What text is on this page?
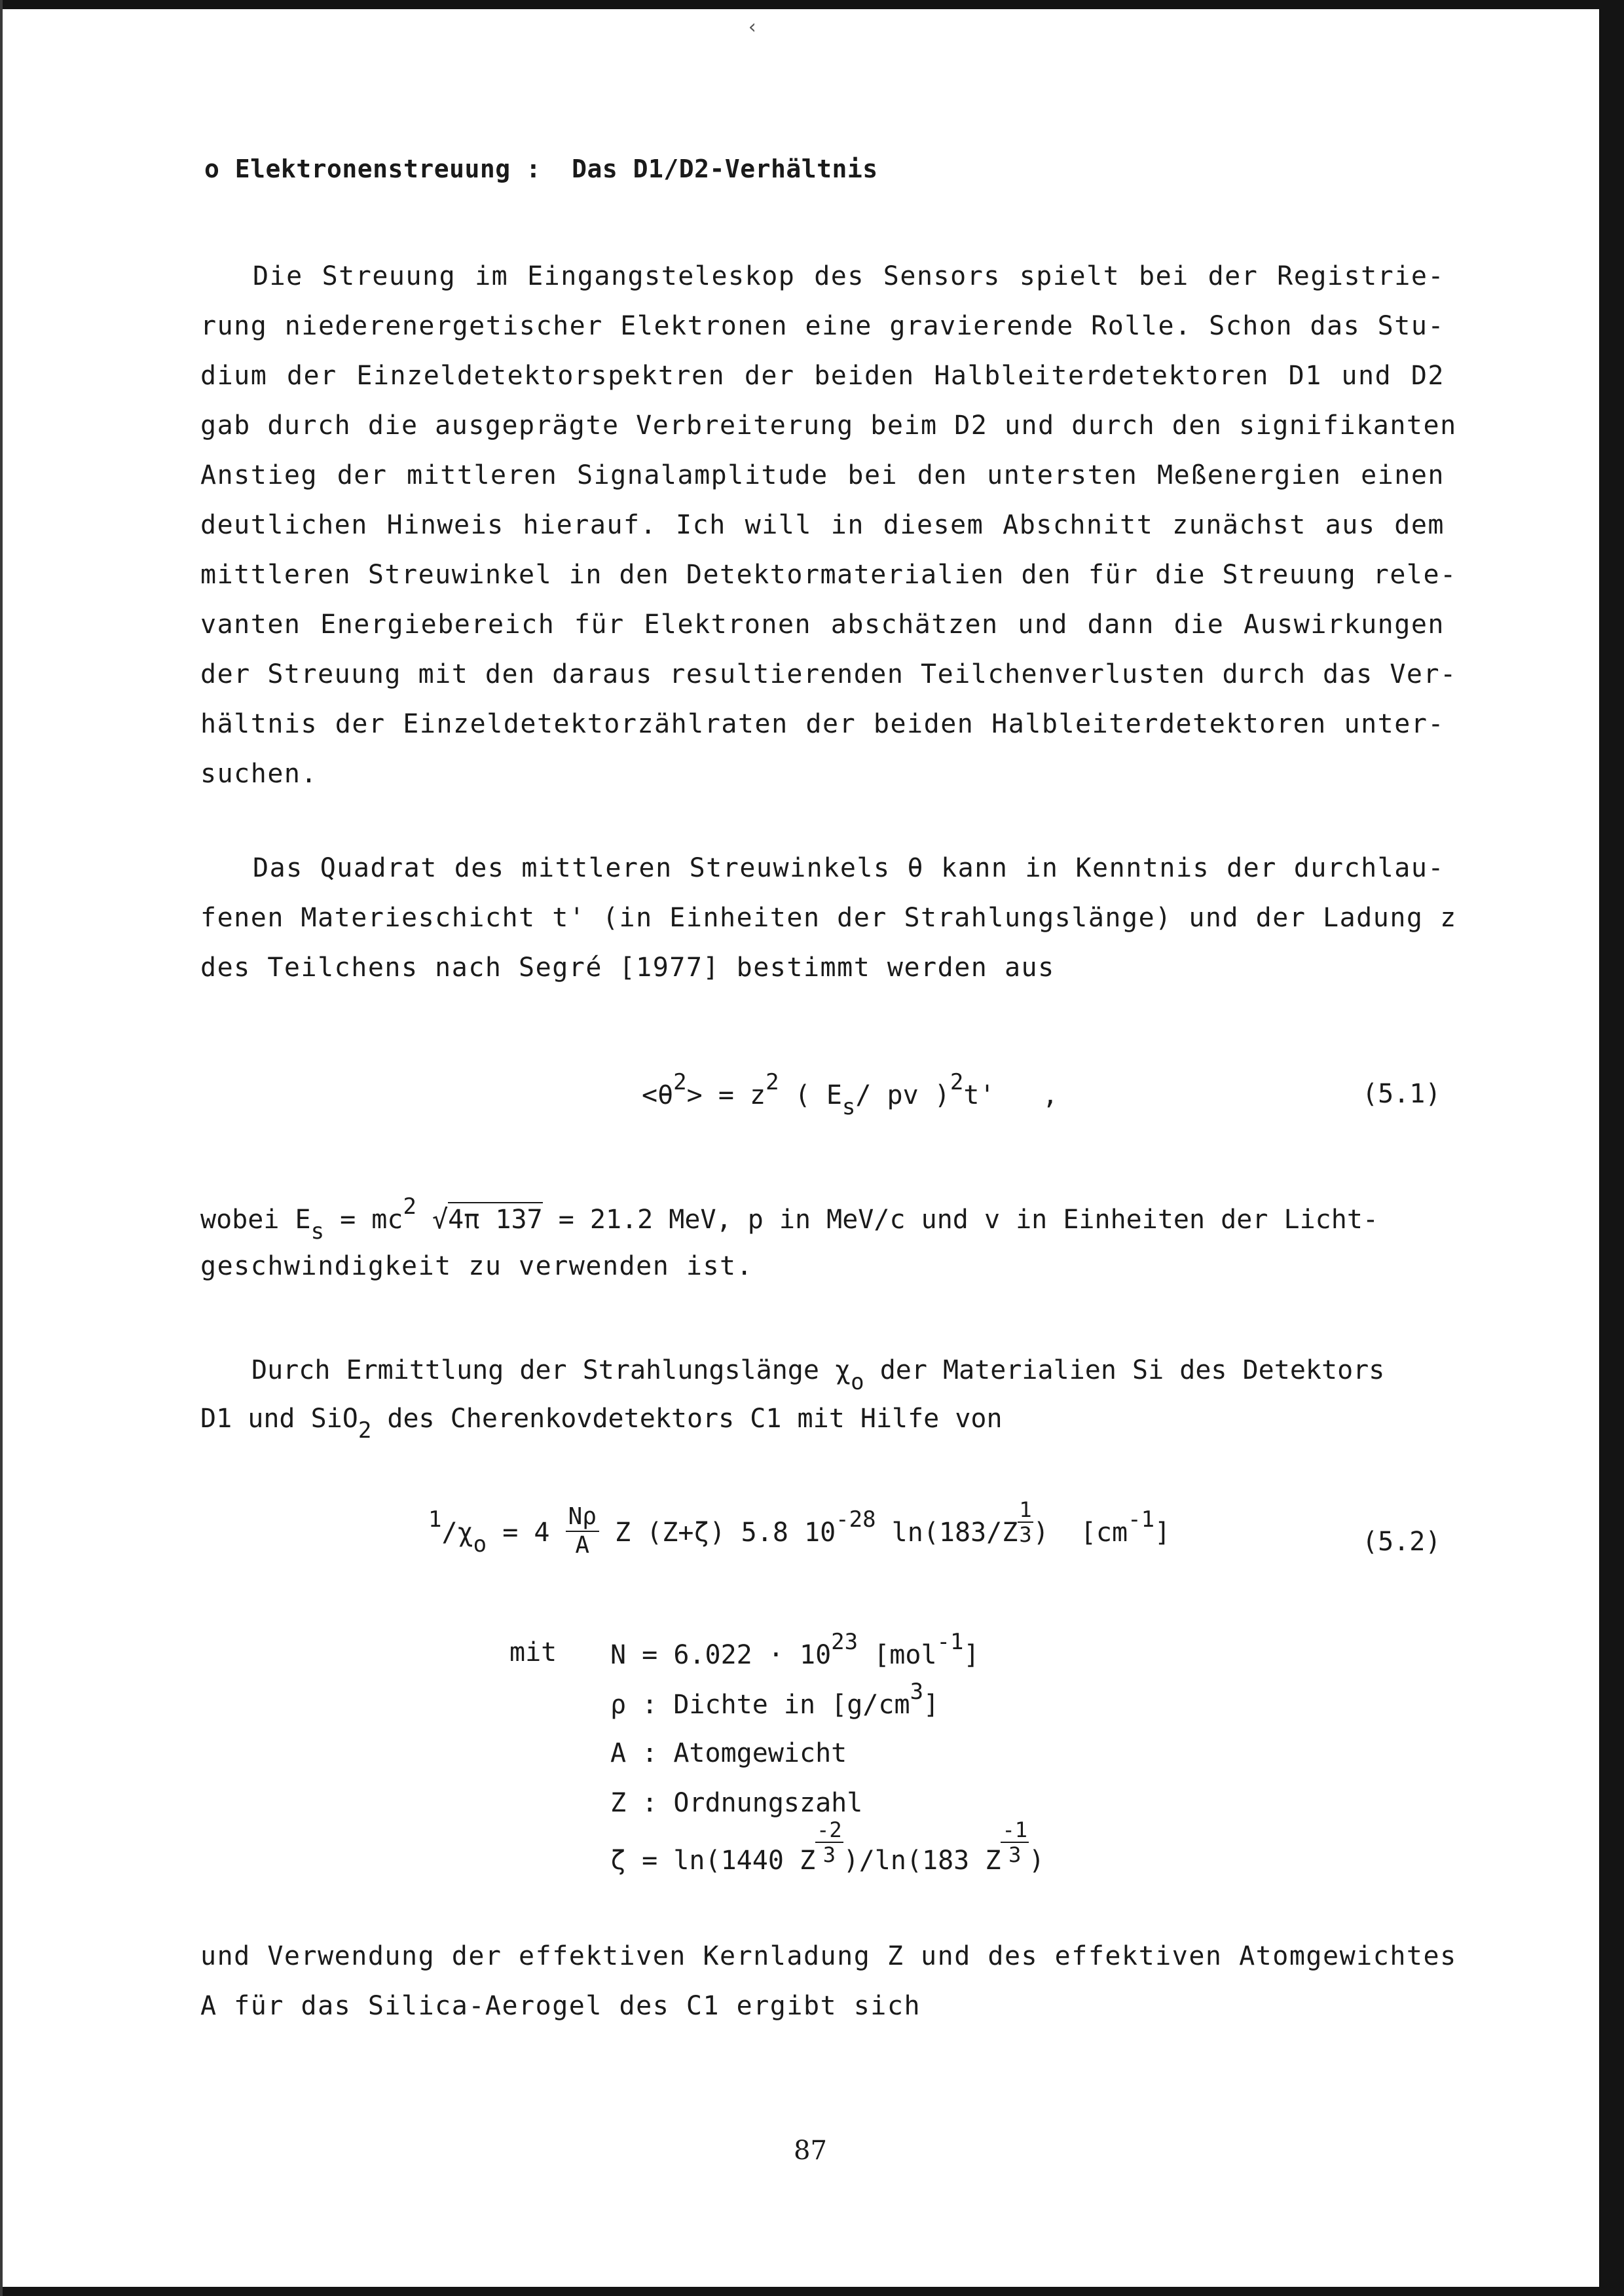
‹
o Elektronenstreuung :  Das D1/D2-Verhältnis
Die Streuung im Eingangsteleskop des Sensors spielt bei der Registrie-
rung niederenergetischer Elektronen eine gravierende Rolle. Schon das Stu-
dium der Einzeldetektorspektren der beiden Halbleiterdetektoren D1 und D2
gab durch die ausgeprägte Verbreiterung beim D2 und durch den signifikanten
Anstieg der mittleren Signalamplitude bei den untersten Meßenergien einen
deutlichen Hinweis hierauf. Ich will in diesem Abschnitt zunächst aus dem
mittleren Streuwinkel in den Detektormaterialien den für die Streuung rele-
vanten Energiebereich für Elektronen abschätzen und dann die Auswirkungen
der Streuung mit den daraus resultierenden Teilchenverlusten durch das Ver-
hältnis der Einzeldetektorzählraten der beiden Halbleiterdetektoren unter-
suchen.
Das Quadrat des mittleren Streuwinkels θ kann in Kenntnis der durchlau-
fenen Materieschicht t' (in Einheiten der Strahlungslänge) und der Ladung z
des Teilchens nach Segré [1977] bestimmt werden aus
$<\theta^2> = z^2$ ( $E_s/$ pv )$^2$t'   ,	(5.1)
wobei $E_s = mc^2$ √4π 137 = 21.2 MeV, p in MeV/c und v in Einheiten der Licht-
geschwindigkeit zu verwenden ist.
Durch Ermittlung der Strahlungslänge $\chi_o$ der Materialien Si des Detektors
D1 und SiO$_2$ des Cherenkovdetektors C1 mit Hilfe von
$^1/\chi_o = 4 \frac{N\rho}{A}$ Z (Z+ζ) 5.8 $10^{-28}$ $\ln(183/Z \frac{1}{3}$ )  $[cm^{-1}]$	(5.2)
mit $N = 6.022 \cdot 10^{23}$ [mol$^{-1}$]
ρ : Dichte in $[g/cm^3]$
A : Atomgewicht
Z : Ordnungszahl
ζ = ln(1440 Z $\frac{-2}{3} )/\ln(183$ Z $\frac{-1}{3}$ )
und Verwendung der effektiven Kernladung Z und des effektiven Atomgewichtes
A für das Silica-Aerogel des C1 ergibt sich
87
